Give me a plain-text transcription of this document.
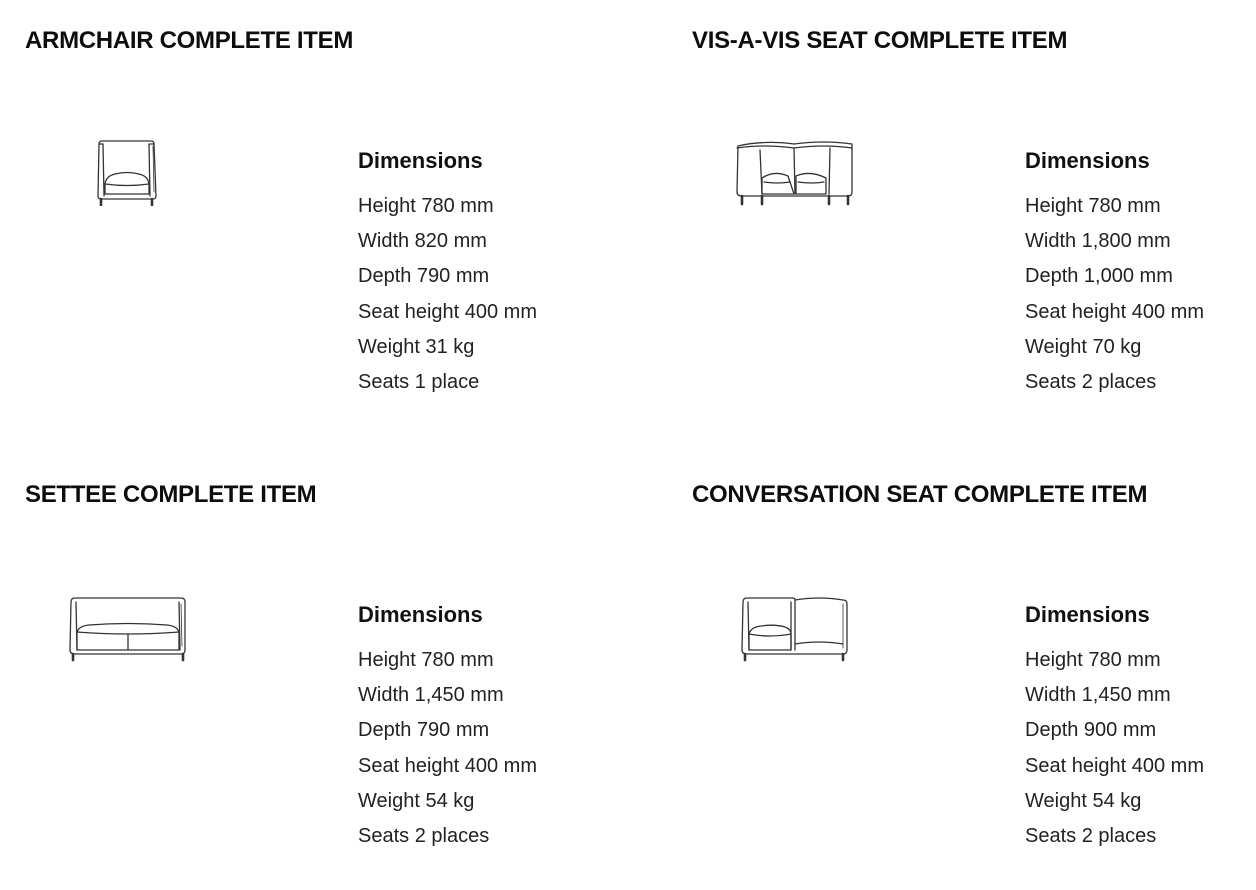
ARMCHAIR COMPLETE ITEM
Dimensions
Height 780 mm
Width 820 mm
Depth 790 mm
Seat height 400 mm
Weight 31 kg
Seats 1 place
VIS-A-VIS SEAT COMPLETE ITEM
Dimensions
Height 780 mm
Width 1,800 mm
Depth 1,000 mm
Seat height 400 mm
Weight 70 kg
Seats 2 places
SETTEE COMPLETE ITEM
Dimensions
Height 780 mm
Width 1,450 mm
Depth 790 mm
Seat height 400 mm
Weight 54 kg
Seats 2 places
CONVERSATION SEAT COMPLETE ITEM
Dimensions
Height 780 mm
Width 1,450 mm
Depth 900 mm
Seat height 400 mm
Weight 54 kg
Seats 2 places
